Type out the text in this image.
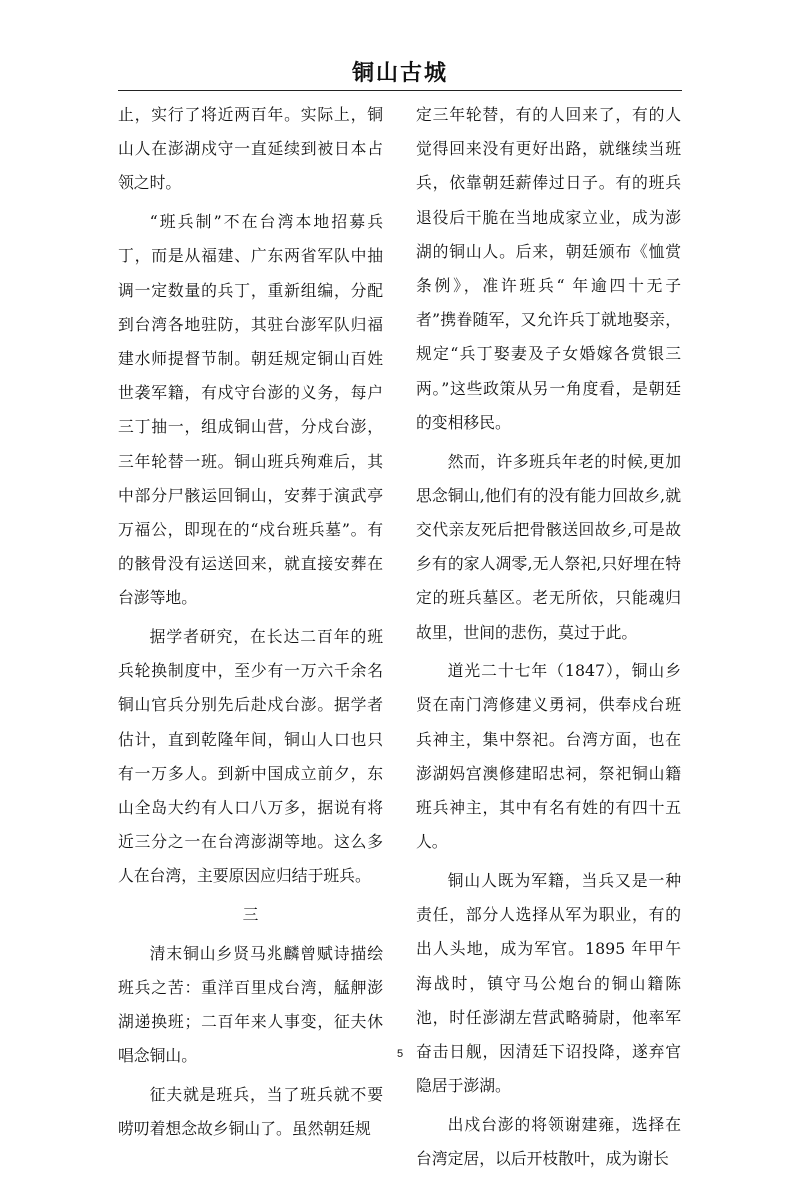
铜山古城

止，实行了将近两百年。实际上，铜山人在澎湖戍守一直延续到被日本占领之时。

“班兵制”不在台湾本地招募兵丁，而是从福建、广东两省军队中抽调一定数量的兵丁，重新组编，分配到台湾各地驻防，其驻台澎军队归福建水师提督节制。朝廷规定铜山百姓世袭军籍，有戍守台澎的义务，每户三丁抽一，组成铜山营，分戍台澎，三年轮替一班。铜山班兵殉难后，其中部分尸骸运回铜山，安葬于演武亭万福公，即现在的“戍台班兵墓”。有的骸骨没有运送回来，就直接安葬在台澎等地。

据学者研究，在长达二百年的班兵轮换制度中，至少有一万六千余名铜山官兵分别先后赴戍台澎。据学者估计，直到乾隆年间，铜山人口也只有一万多人。到新中国成立前夕，东山全岛大约有人口八万多，据说有将近三分之一在台湾澎湖等地。这么多人在台湾，主要原因应归结于班兵。

三

清末铜山乡贤马兆麟曾赋诗描绘班兵之苦：重洋百里戍台湾，艋舺澎湖递换班；二百年来人事变，征夫休唱念铜山。

征夫就是班兵，当了班兵就不要唠叨着想念故乡铜山了。虽然朝廷规

定三年轮替，有的人回来了，有的人觉得回来没有更好出路，就继续当班兵，依靠朝廷薪俸过日子。有的班兵退役后干脆在当地成家立业，成为澎湖的铜山人。后来，朝廷颁布《恤赏条例》，准许班兵“ 年逾四十无子者”携眷随军，又允许兵丁就地娶亲，规定“兵丁娶妻及子女婚嫁各赏银三两。”这些政策从另一角度看，是朝廷的变相移民。

然而，许多班兵年老的时候,更加思念铜山,他们有的没有能力回故乡,就交代亲友死后把骨骸送回故乡,可是故乡有的家人凋零,无人祭祀,只好埋在特定的班兵墓区。老无所依，只能魂归故里，世间的悲伤，莫过于此。

道光二十七年（1847），铜山乡贤在南门湾修建义勇祠，供奉戍台班兵神主，集中祭祀。台湾方面，也在澎湖妈宫澳修建昭忠祠，祭祀铜山籍班兵神主，其中有名有姓的有四十五人。

铜山人既为军籍，当兵又是一种责任，部分人选择从军为职业，有的出人头地，成为军官。1895 年甲午海战时，镇守马公炮台的铜山籍陈池，时任澎湖左营武略骑尉，他率军奋击日舰，因清廷下诏投降，遂弃官隐居于澎湖。

出戍台澎的将领谢建雍，选择在台湾定居，以后开枝散叶，成为谢长

5
